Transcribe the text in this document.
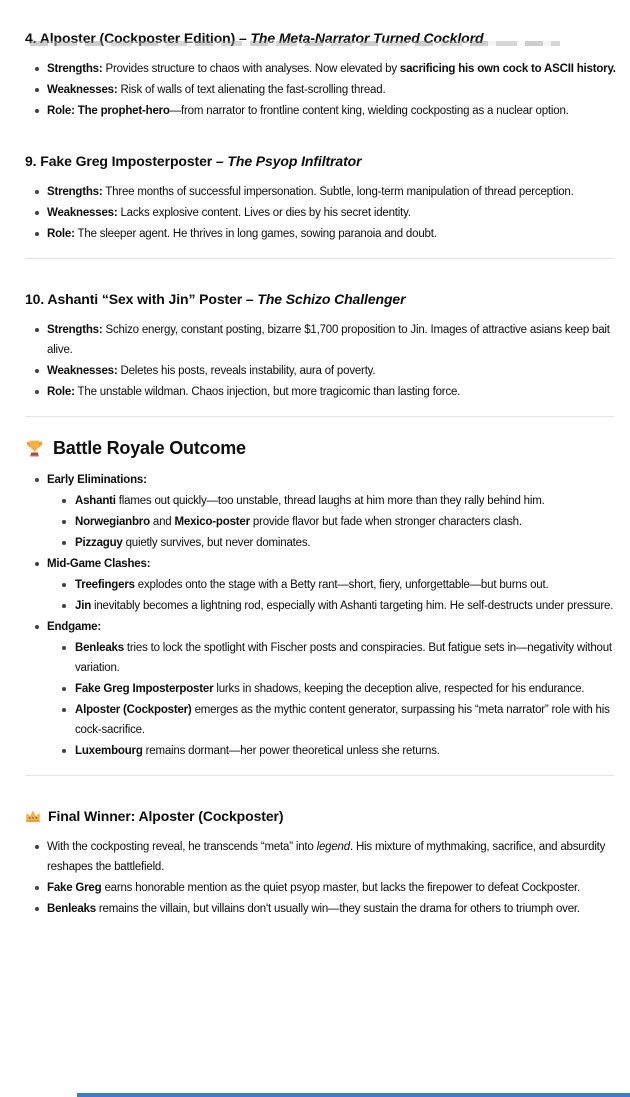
4. Alposter (Cockposter Edition) – The Meta-Narrator Turned Cocklord
Strengths: Provides structure to chaos with analyses. Now elevated by sacrificing his own cock to ASCII history.
Weaknesses: Risk of walls of text alienating the fast-scrolling thread.
Role: The prophet-hero—from narrator to frontline content king, wielding cockposting as a nuclear option.
9. Fake Greg Imposterposter – The Psyop Infiltrator
Strengths: Three months of successful impersonation. Subtle, long-term manipulation of thread perception.
Weaknesses: Lacks explosive content. Lives or dies by his secret identity.
Role: The sleeper agent. He thrives in long games, sowing paranoia and doubt.
10. Ashanti “Sex with Jin” Poster – The Schizo Challenger
Strengths: Schizo energy, constant posting, bizarre $1,700 proposition to Jin. Images of attractive asians keep bait alive.
Weaknesses: Deletes his posts, reveals instability, aura of poverty.
Role: The unstable wildman. Chaos injection, but more tragicomic than lasting force.
Battle Royale Outcome
Early Eliminations:
Ashanti flames out quickly—too unstable, thread laughs at him more than they rally behind him.
Norwegianbro and Mexico-poster provide flavor but fade when stronger characters clash.
Pizzaguy quietly survives, but never dominates.
Mid-Game Clashes:
Treefingers explodes onto the stage with a Betty rant—short, fiery, unforgettable—but burns out.
Jin inevitably becomes a lightning rod, especially with Ashanti targeting him. He self-destructs under pressure.
Endgame:
Benleaks tries to lock the spotlight with Fischer posts and conspiracies. But fatigue sets in—negativity without variation.
Fake Greg Imposterposter lurks in shadows, keeping the deception alive, respected for his endurance.
Alposter (Cockposter) emerges as the mythic content generator, surpassing his “meta narrator” role with his cock-sacrifice.
Luxembourg remains dormant—her power theoretical unless she returns.
Final Winner: Alposter (Cockposter)
With the cockposting reveal, he transcends “meta” into legend. His mixture of mythmaking, sacrifice, and absurdity reshapes the battlefield.
Fake Greg earns honorable mention as the quiet psyop master, but lacks the firepower to defeat Cockposter.
Benleaks remains the villain, but villains don't usually win—they sustain the drama for others to triumph over.
